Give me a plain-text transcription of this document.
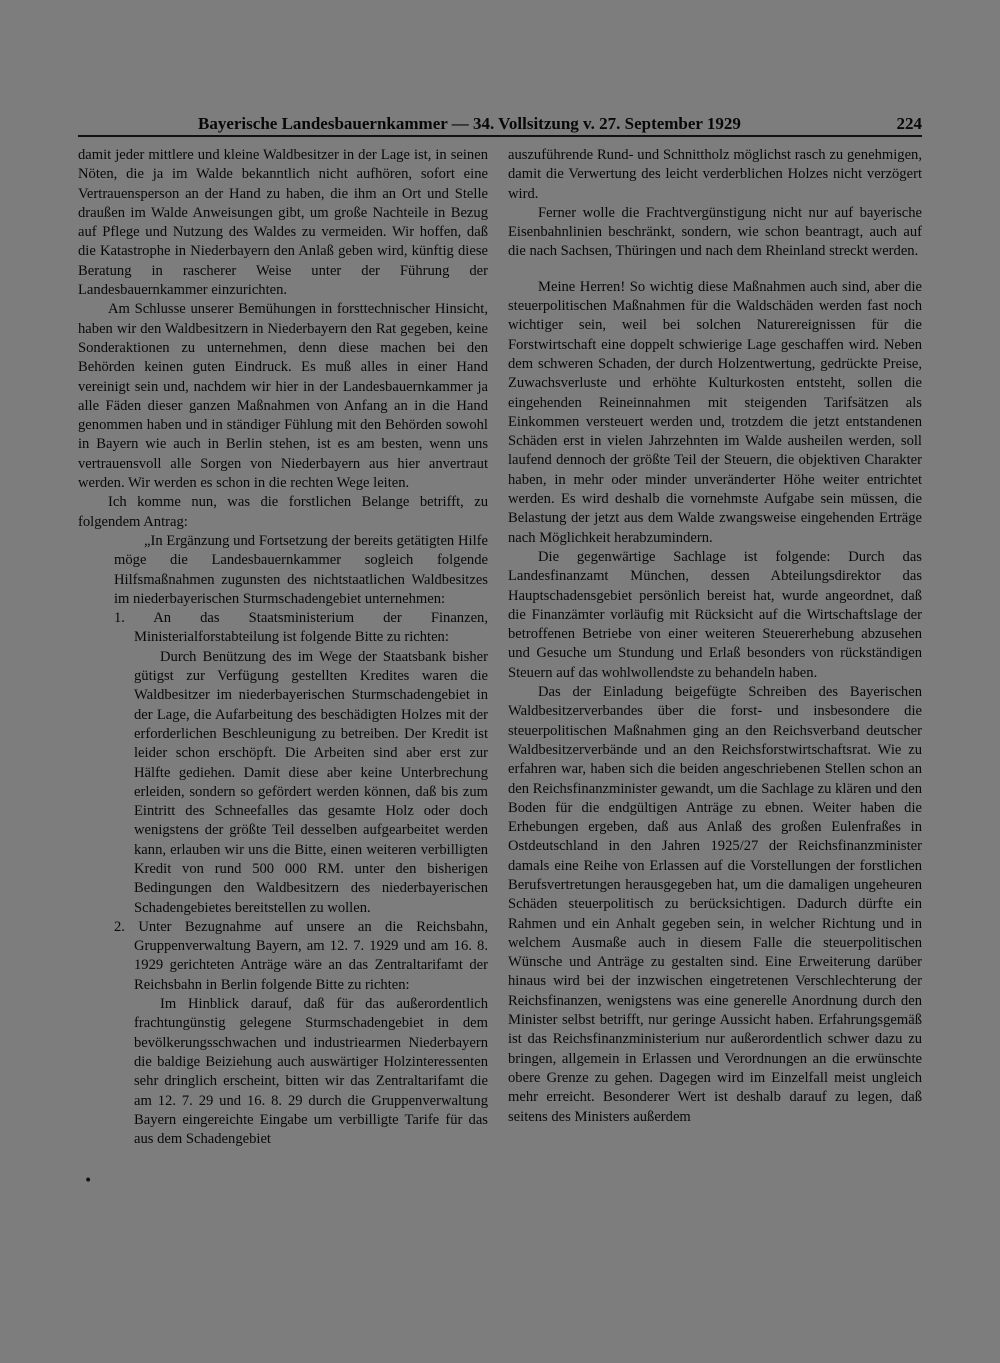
Bayerische Landesbauernkammer — 34. Vollsitzung v. 27. September 1929	224

damit jeder mittlere und kleine Waldbesitzer in der Lage ist, in seinen Nöten, die ja im Walde bekanntlich nicht aufhören, sofort eine Vertrauensperson an der Hand zu haben, die ihm an Ort und Stelle draußen im Walde Anweisungen gibt, um große Nachteile in Bezug auf Pflege und Nutzung des Waldes zu vermeiden. Wir hoffen, daß die Katastrophe in Niederbayern den Anlaß geben wird, künftig diese Beratung in rascherer Weise unter der Führung der Landesbauernkammer einzurichten.

Am Schlusse unserer Bemühungen in forsttechnischer Hinsicht, haben wir den Waldbesitzern in Niederbayern den Rat gegeben, keine Sonderaktionen zu unternehmen, denn diese machen bei den Behörden keinen guten Eindruck. Es muß alles in einer Hand vereinigt sein und, nachdem wir hier in der Landesbauernkammer ja alle Fäden dieser ganzen Maßnahmen von Anfang an in die Hand genommen haben und in ständiger Fühlung mit den Behörden sowohl in Bayern wie auch in Berlin stehen, ist es am besten, wenn uns vertrauensvoll alle Sorgen von Niederbayern aus hier anvertraut werden. Wir werden es schon in die rechten Wege leiten.

Ich komme nun, was die forstlichen Belange betrifft, zu folgendem Antrag:

„In Ergänzung und Fortsetzung der bereits getätigten Hilfe möge die Landesbauernkammer sogleich folgende Hilfsmaßnahmen zugunsten des nichtstaatlichen Waldbesitzes im niederbayerischen Sturmschadengebiet unternehmen:

1. An das Staatsministerium der Finanzen, Ministerialforstabteilung ist folgende Bitte zu richten:

Durch Benützung des im Wege der Staatsbank bisher gütigst zur Verfügung gestellten Kredites waren die Waldbesitzer im niederbayerischen Sturmschadengebiet in der Lage, die Aufarbeitung des beschädigten Holzes mit der erforderlichen Beschleunigung zu betreiben. Der Kredit ist leider schon erschöpft. Die Arbeiten sind aber erst zur Hälfte gediehen. Damit diese aber keine Unterbrechung erleiden, sondern so gefördert werden können, daß bis zum Eintritt des Schneefalles das gesamte Holz oder doch wenigstens der größte Teil desselben aufgearbeitet werden kann, erlauben wir uns die Bitte, einen weiteren verbilligten Kredit von rund 500 000 RM. unter den bisherigen Bedingungen den Waldbesitzern des niederbayerischen Schadengebietes bereitstellen zu wollen.

2. Unter Bezugnahme auf unsere an die Reichsbahn, Gruppenverwaltung Bayern, am 12. 7. 1929 und am 16. 8. 1929 gerichteten Anträge wäre an das Zentraltarifamt der Reichsbahn in Berlin folgende Bitte zu richten:

Im Hinblick darauf, daß für das außerordentlich frachtungünstig gelegene Sturmschadengebiet in dem bevölkerungsschwachen und industriearmen Niederbayern die baldige Beiziehung auch auswärtiger Holzinteressenten sehr dringlich erscheint, bitten wir das Zentraltarifamt die am 12. 7. 29 und 16. 8. 29 durch die Gruppenverwaltung Bayern eingereichte Eingabe um verbilligte Tarife für das aus dem Schadengebiet

auszuführende Rund- und Schnittholz möglichst rasch zu genehmigen, damit die Verwertung des leicht verderblichen Holzes nicht verzögert wird.

Ferner wolle die Frachtvergünstigung nicht nur auf bayerische Eisenbahnlinien beschränkt, sondern, wie schon beantragt, auch auf die nach Sachsen, Thüringen und nach dem Rheinland streckt werden.

Meine Herren! So wichtig diese Maßnahmen auch sind, aber die steuerpolitischen Maßnahmen für die Waldschäden werden fast noch wichtiger sein, weil bei solchen Naturereignissen für die Forstwirtschaft eine doppelt schwierige Lage geschaffen wird. Neben dem schweren Schaden, der durch Holzentwertung, gedrückte Preise, Zuwachsverluste und erhöhte Kulturkosten entsteht, sollen die eingehenden Reineinnahmen mit steigenden Tarifsätzen als Einkommen versteuert werden und, trotzdem die jetzt entstandenen Schäden erst in vielen Jahrzehnten im Walde ausheilen werden, soll laufend dennoch der größte Teil der Steuern, die objektiven Charakter haben, in mehr oder minder unveränderter Höhe weiter entrichtet werden. Es wird deshalb die vornehmste Aufgabe sein müssen, die Belastung der jetzt aus dem Walde zwangsweise eingehenden Erträge nach Möglichkeit herabzumindern.

Die gegenwärtige Sachlage ist folgende: Durch das Landesfinanzamt München, dessen Abteilungsdirektor das Hauptschadensgebiet persönlich bereist hat, wurde angeordnet, daß die Finanzämter vorläufig mit Rücksicht auf die Wirtschaftslage der betroffenen Betriebe von einer weiteren Steuererhebung abzusehen und Gesuche um Stundung und Erlaß besonders von rückständigen Steuern auf das wohlwollendste zu behandeln haben.

Das der Einladung beigefügte Schreiben des Bayerischen Waldbesitzerverbandes über die forst- und insbesondere die steuerpolitischen Maßnahmen ging an den Reichsverband deutscher Waldbesitzerverbände und an den Reichsforstwirtschaftsrat. Wie zu erfahren war, haben sich die beiden angeschriebenen Stellen schon an den Reichsfinanzminister gewandt, um die Sachlage zu klären und den Boden für die endgültigen Anträge zu ebnen. Weiter haben die Erhebungen ergeben, daß aus Anlaß des großen Eulenfraßes in Ostdeutschland in den Jahren 1925/27 der Reichsfinanzminister damals eine Reihe von Erlassen auf die Vorstellungen der forstlichen Berufsvertretungen herausgegeben hat, um die damaligen ungeheuren Schäden steuerpolitisch zu berücksichtigen. Dadurch dürfte ein Rahmen und ein Anhalt gegeben sein, in welcher Richtung und in welchem Ausmaße auch in diesem Falle die steuerpolitischen Wünsche und Anträge zu gestalten sind. Eine Erweiterung darüber hinaus wird bei der inzwischen eingetretenen Verschlechterung der Reichsfinanzen, wenigstens was eine generelle Anordnung durch den Minister selbst betrifft, nur geringe Aussicht haben. Erfahrungsgemäß ist das Reichsfinanzministerium nur außerordentlich schwer dazu zu bringen, allgemein in Erlassen und Verordnungen an die erwünschte obere Grenze zu gehen. Dagegen wird im Einzelfall meist ungleich mehr erreicht. Besonderer Wert ist deshalb darauf zu legen, daß seitens des Ministers außerdem

•
